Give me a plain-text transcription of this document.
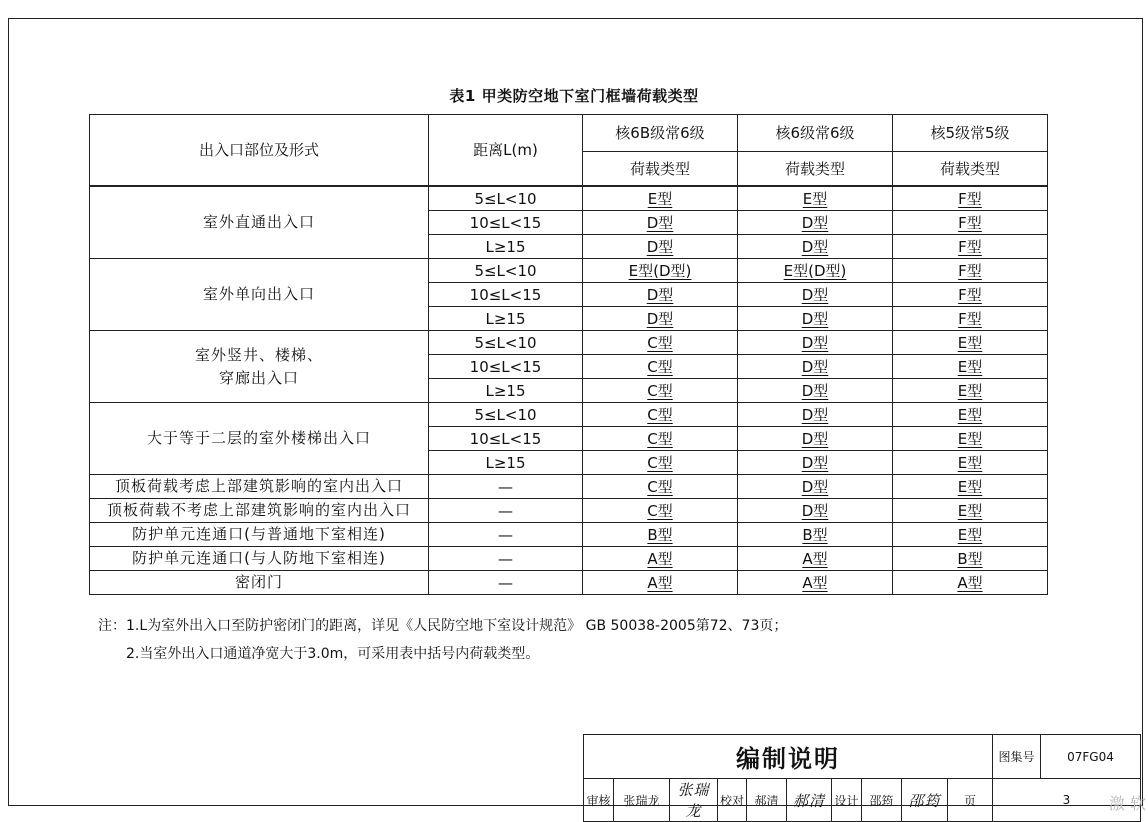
表1 甲类防空地下室门框墙荷载类型
出入口部位及形式	距离L(m)	核6B级常6级	核6级常6级	核5级常5级
		荷载类型	荷载类型	荷载类型

室外直通出入口	5≤L<10	E型	E型	F型
	10≤L<15	D型	D型	F型
	L≥15	D型	D型	F型

室外单向出入口	5≤L<10	E型(D型)	E型(D型)	F型
	10≤L<15	D型	D型	F型
	L≥15	D型	D型	F型

室外竖井、楼梯、
穿廊出入口	5≤L<10	C型	D型	E型
	10≤L<15	C型	D型	E型
	L≥15	C型	D型	E型

大于等于二层的室外楼梯出入口	5≤L<10	C型	D型	E型
	10≤L<15	C型	D型	E型
	L≥15	C型	D型	E型
顶板荷载考虑上部建筑影响的室内出入口	—	C型	D型	E型
顶板荷载不考虑上部建筑影响的室内出入口	—	C型	D型	E型
防护单元连通口(与普通地下室相连)	—	B型	B型	E型
防护单元连通口(与人防地下室相连)	—	A型	A型	B型
密闭门	—	A型	A型	A型
注：1.L为室外出入口至防护密闭门的距离，详见《人民防空地下室设计规范》 GB 50038-2005第72、73页；
2.当室外出入口通道净宽大于3.0m，可采用表中括号内荷载类型。
编制说明										图集号	07FG04
审核	张瑞龙	张瑞龙	校对	郝清	郝清	设计	邵筠	邵筠	页	3	激 软
